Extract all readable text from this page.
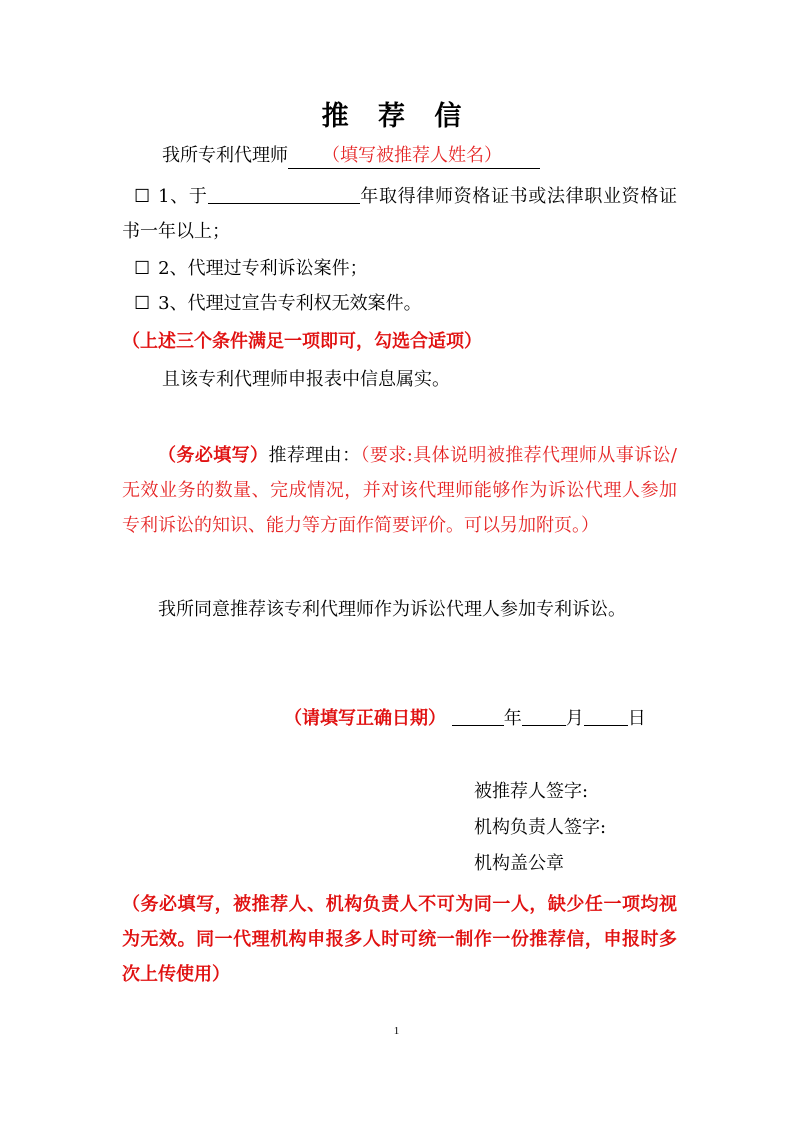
推 荐 信
我所专利代理师 （填写被推荐人姓名）
☐ 1、于	年取得律师资格证书或法律职业资格证书一年以上；
☐ 2、代理过专利诉讼案件；
☐ 3、代理过宣告专利权无效案件。
（上述三个条件满足一项即可，勾选合适项）
且该专利代理师申报表中信息属实。
（务必填写）推荐理由：（要求:具体说明被推荐代理师从事诉讼/无效业务的数量、完成情况，并对该代理师能够作为诉讼代理人参加专利诉讼的知识、能力等方面作简要评价。可以另加附页。）
我所同意推荐该专利代理师作为诉讼代理人参加专利诉讼。
（请填写正确日期）	年 月 日
被推荐人签字:
机构负责人签字:
机构盖公章
（务必填写，被推荐人、机构负责人不可为同一人，缺少任一项均视为无效。同一代理机构申报多人时可统一制作一份推荐信，申报时多次上传使用）
1
